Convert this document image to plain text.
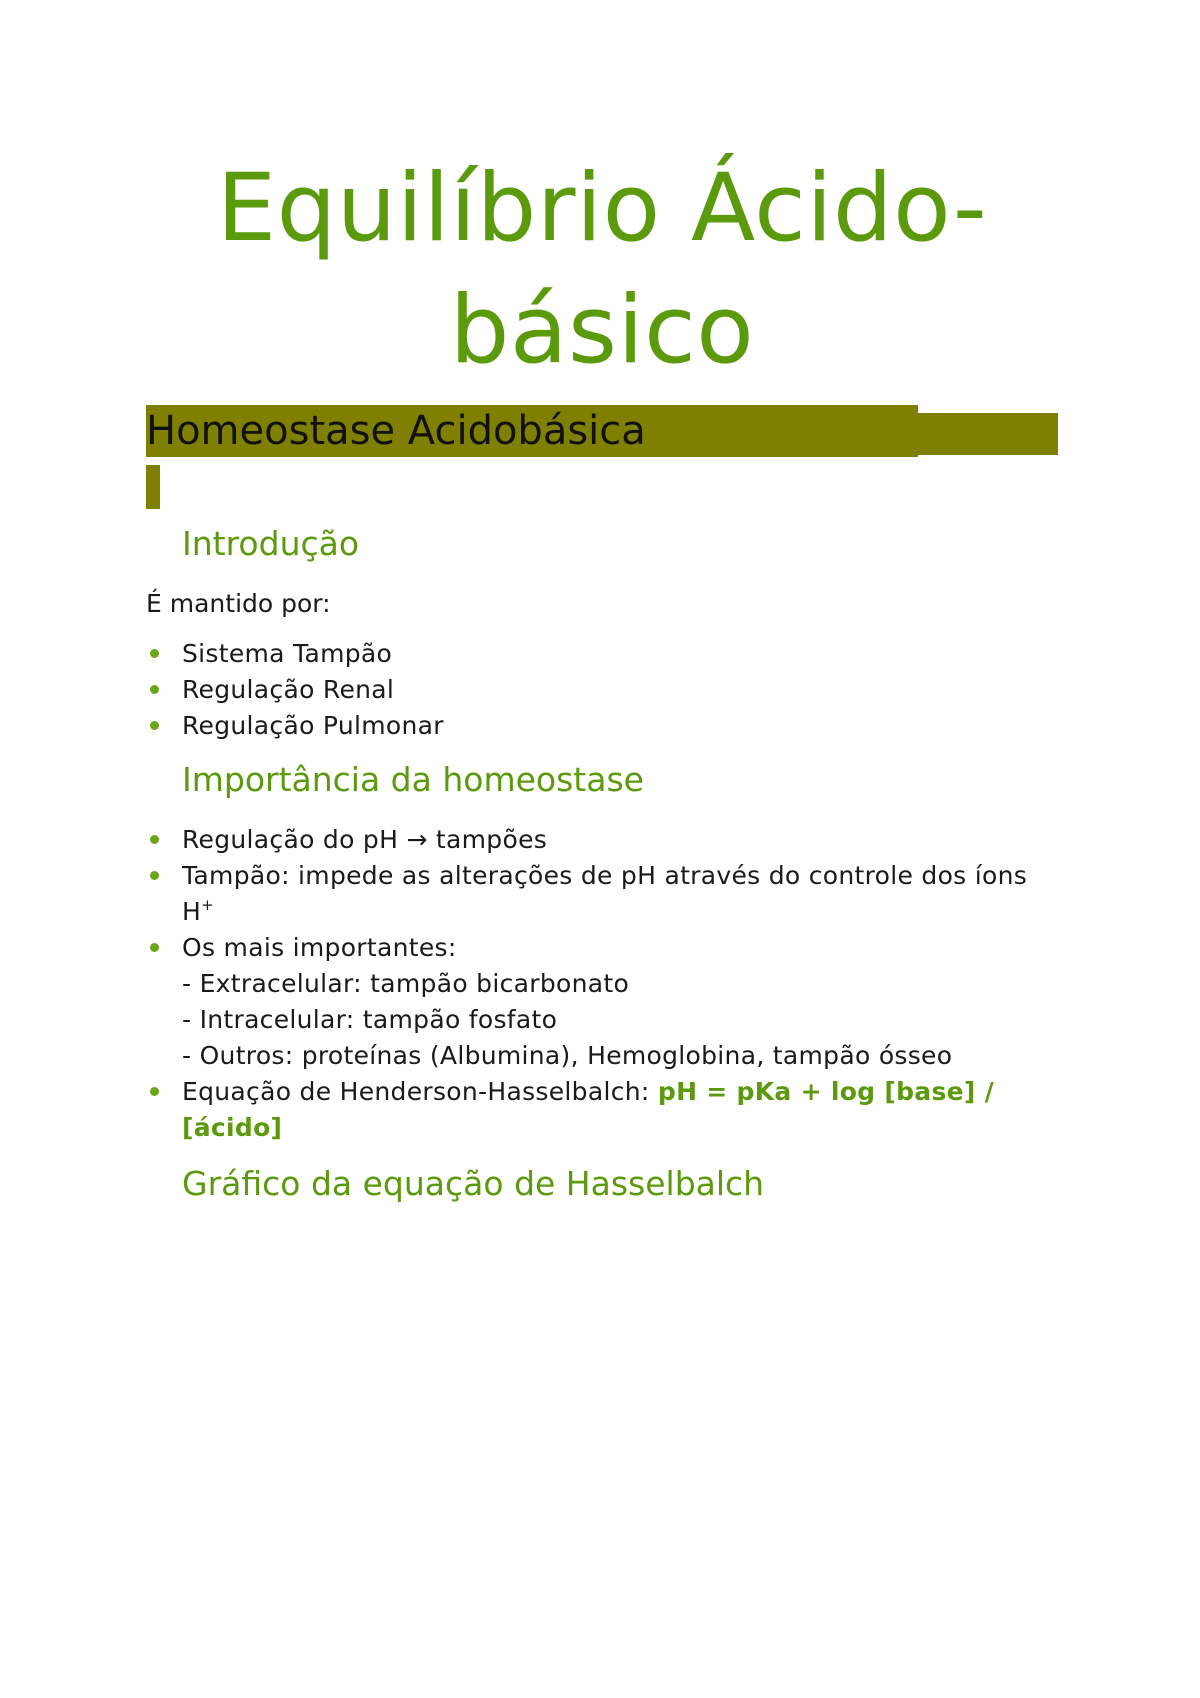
Equilíbrio Ácido-
básico
Homeostase Acidobásica
Introdução

É mantido por:

Sistema Tampão
Regulação Renal
Regulação Pulmonar
Importância da homeostase
Regulação do pH → tampões
Tampão: impede as alterações de pH através do controle dos íons H+
Os mais importantes:
- Extracelular: tampão bicarbonato
- Intracelular: tampão fosfato
- Outros: proteínas (Albumina), Hemoglobina, tampão ósseo
Equação de Henderson-Hasselbalch: pH = pKa + log [base] / [ácido]
Gráfico da equação de Hasselbalch
